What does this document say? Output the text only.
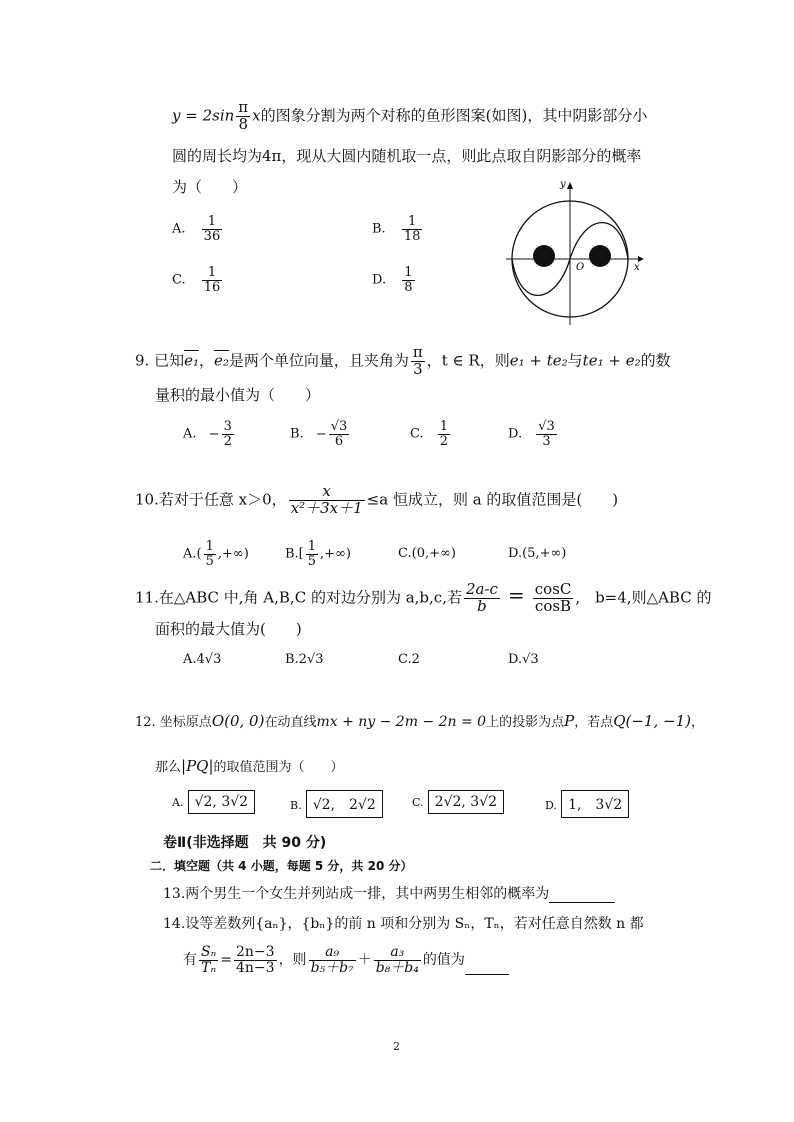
$y = 2\sin \frac{\pi}{8}$ x的图象分割为两个对称的鱼形图案(如图)，其中阴影部分小
圆的周长均为4π，现从大圆内随机取一点，则此点取自阴影部分的概率
为（　　）
A. $\frac{1}{36}$	B. $\frac{1}{18}$
C. $\frac{1}{16}$	D. $\frac{1}{8}$
y
x
O
9. 已知e₁，e₂是两个单位向量，且夹角为 $\frac{\pi}{3}$ ，t ∈ R，则e₁ + te₂与te₁ + e₂的数
量积的最小值为（　　）
A. − $\frac{3}{2}$	B. − $\frac{√3}{6}$	C. $\frac{1}{2}$	D. $\frac{√3}{3}$
10.若对于任意 x＞0， $\frac{x}{\text{x²＋3x＋1}} \le a$ 恒成立，则 a 的取值范围是(　　)
$A.( \frac{1}{5}$ ,+∞)	$B.[ \frac{1}{5}$ ,+∞)	C.(0,+∞)	D.(5,+∞)
11.在△ABC 中,角 A,B,C 的对边分别为 a,b,c,若 $\frac{2a-c}{b} = \frac{\cos C}{\cos B}$ ,　b=4,则△ABC 的
面积的最大值为(　　)
A.4√3	B.2√3	C.2	D.√3
12. 坐标原点O(0, 0)在动直线mx + ny − 2m − 2n = 0上的投影为点P，若点Q(−1, −1)，
那么|PQ|的取值范围为（　　）
A. √2, 3√2	B. √2,　2√2	C. 2√2, 3√2	D. 1,　3√2
卷Ⅱ(非选择题　共 90 分)
二．填空题（共 4 小题，每题 5 分，共 20 分）
13.两个男生一个女生并列站成一排，其中两男生相邻的概率为
14.设等差数列{aₙ}，{bₙ}的前 n 项和分别为 Sₙ，Tₙ，若对任意自然数 n 都
有 $\frac{\text{Sₙ}}{\text{Tₙ}} = \frac{2n-3}{4n-3}$ ，则 $\frac{\text{a₉}}{\text{b₅＋b₇}} + \frac{\text{a₃}}{\text{b₈＋b₄}}$ 的值为
2
